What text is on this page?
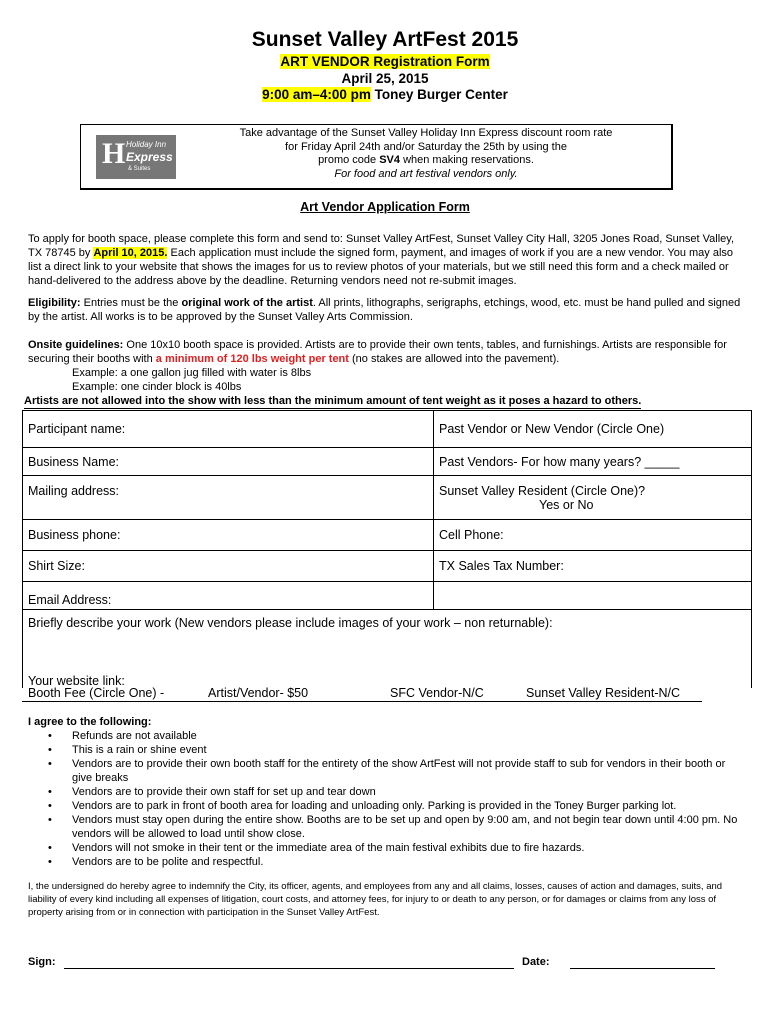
Sunset Valley ArtFest 2015
ART VENDOR Registration Form
April 25, 2015
9:00 am–4:00 pm Toney Burger Center
H Holiday Inn
Express
& Suites
Take advantage of the Sunset Valley Holiday Inn Express discount room rate
for Friday April 24th and/or Saturday the 25th by using the
promo code SV4 when making reservations.
For food and art festival vendors only.
Art Vendor Application Form
To apply for booth space, please complete this form and send to: Sunset Valley ArtFest, Sunset Valley City Hall, 3205 Jones Road, Sunset Valley, TX 78745 by April 10, 2015. Each application must include the signed form, payment, and images of work if you are a new vendor. You may also list a direct link to your website that shows the images for us to review photos of your materials, but we still need this form and a check mailed or hand-delivered to the address above by the deadline. Returning vendors need not re-submit images.
Eligibility: Entries must be the original work of the artist. All prints, lithographs, serigraphs, etchings, wood, etc. must be hand pulled and signed by the artist. All works is to be approved by the Sunset Valley Arts Commission.
Onsite guidelines: One 10x10 booth space is provided. Artists are to provide their own tents, tables, and furnishings. Artists are responsible for securing their booths with a minimum of 120 lbs weight per tent (no stakes are allowed into the pavement).
Example: a one gallon jug filled with water is 8lbs
Example: one cinder block is 40lbs
Artists are not allowed into the show with less than the minimum amount of tent weight as it poses a hazard to others.
Participant name:	Past Vendor or New Vendor (Circle One)
Business Name:	Past Vendors- For how many years? _____
Mailing address:	Sunset Valley Resident (Circle One)?
Yes or No

Business phone:	Cell Phone:
Shirt Size:	TX Sales Tax Number:
Email Address:	
Briefly describe your work (New vendors please include images of your work – non returnable):	
Your website link:	
Booth Fee (Circle One) -	Artist/Vendor- $50	SFC Vendor-N/C	Sunset Valley Resident-N/C
I agree to the following:
• Refunds are not available
• This is a rain or shine event
• Vendors are to provide their own booth staff for the entirety of the show ArtFest will not provide staff to sub for vendors in their booth or give breaks
• Vendors are to provide their own staff for set up and tear down
• Vendors are to park in front of booth area for loading and unloading only. Parking is provided in the Toney Burger parking lot.
• Vendors must stay open during the entire show. Booths are to be set up and open by 9:00 am, and not begin tear down until 4:00 pm. No vendors will be allowed to load until show close.
• Vendors will not smoke in their tent or the immediate area of the main festival exhibits due to fire hazards.
• Vendors are to be polite and respectful.
I, the undersigned do hereby agree to indemnify the City, its officer, agents, and employees from any and all claims, losses, causes of action and damages, suits, and liability of every kind including all expenses of litigation, court costs, and attorney fees, for injury to or death to any person, or for damages or claims from any loss of property arising from or in connection with participation in the Sunset Valley ArtFest.
Sign:	Date:
